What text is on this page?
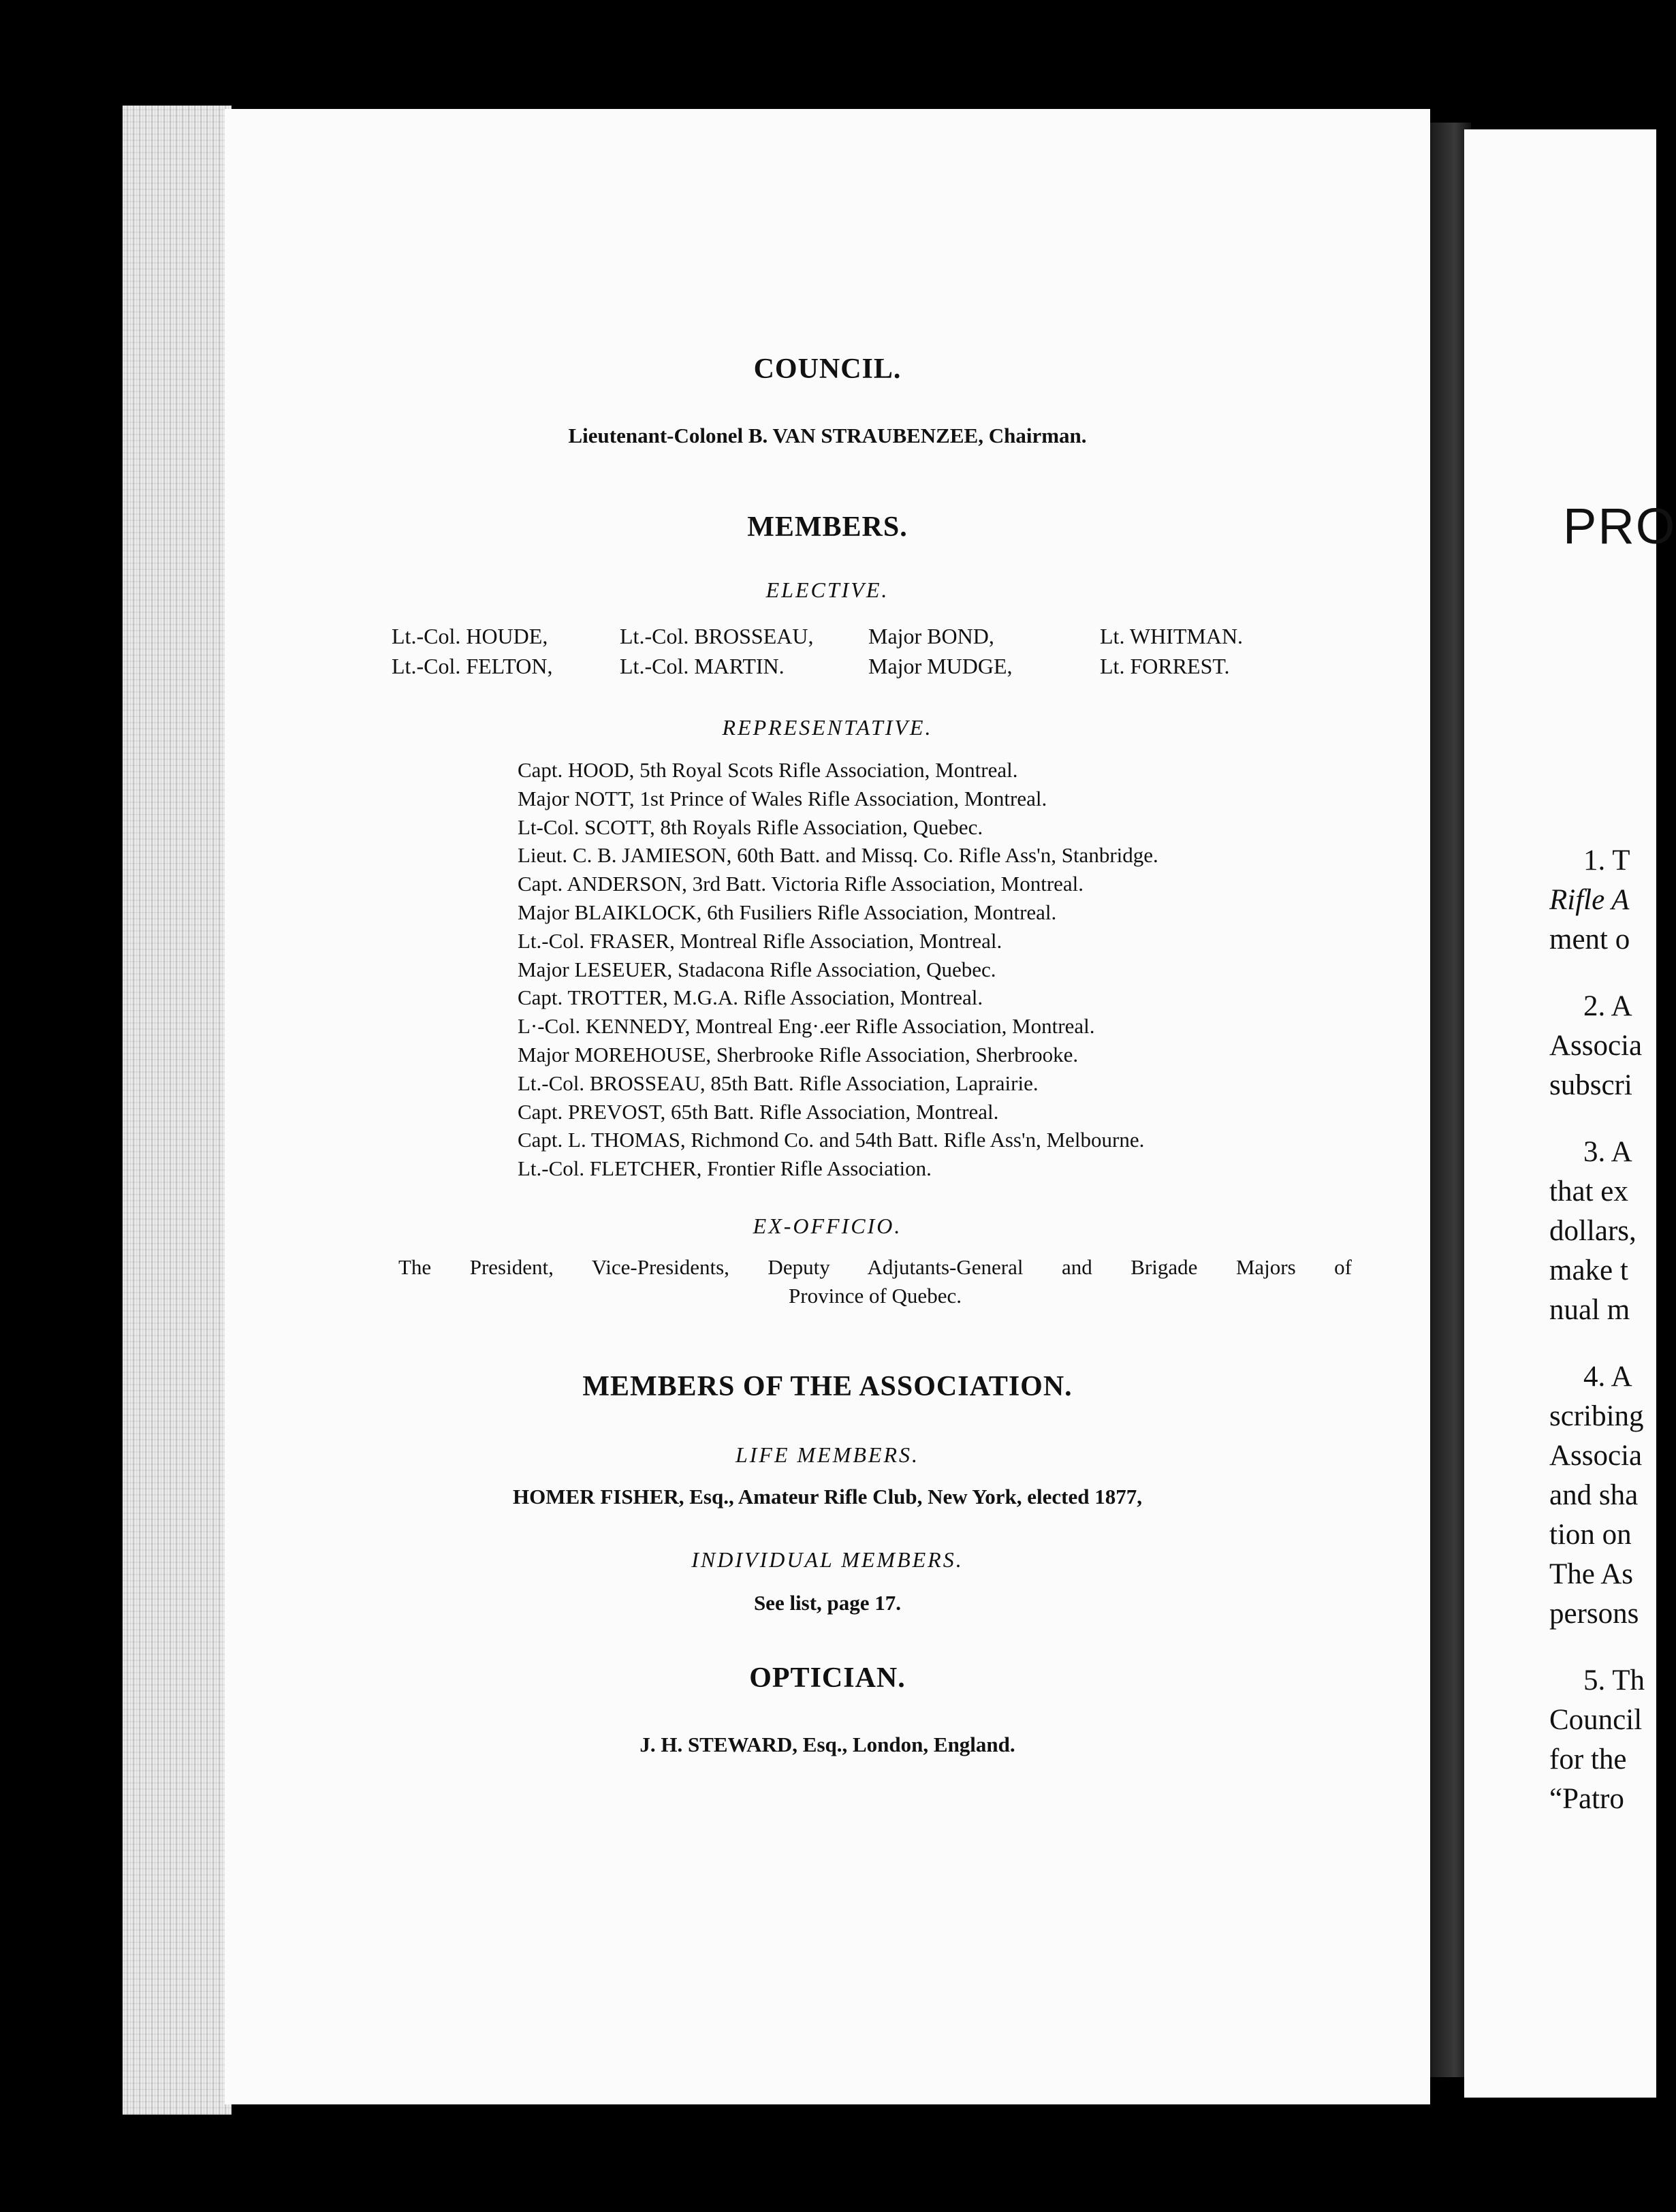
COUNCIL.
Lieutenant-Colonel B. VAN STRAUBENZEE, Chairman.
MEMBERS.
ELECTIVE.
Lt.-Col. HOUDE,	Lt.-Col. BROSSEAU,	Major BOND,	Lt. WHITMAN.
Lt.-Col. FELTON,	Lt.-Col. MARTIN.	Major MUDGE,	Lt. FORREST.
REPRESENTATIVE.
Capt. HOOD, 5th Royal Scots Rifle Association, Montreal.
Major NOTT, 1st Prince of Wales Rifle Association, Montreal.
Lt-Col. SCOTT, 8th Royals Rifle Association, Quebec.
Lieut. C. B. JAMIESON, 60th Batt. and Missq. Co. Rifle Ass'n, Stanbridge.
Capt. ANDERSON, 3rd Batt. Victoria Rifle Association, Montreal.
Major BLAIKLOCK, 6th Fusiliers Rifle Association, Montreal.
Lt.-Col. FRASER, Montreal Rifle Association, Montreal.
Major LESEUER, Stadacona Rifle Association, Quebec.
Capt. TROTTER, M.G.A. Rifle Association, Montreal.
L·-Col. KENNEDY, Montreal Eng·.eer Rifle Association, Montreal.
Major MOREHOUSE, Sherbrooke Rifle Association, Sherbrooke.
Lt.-Col. BROSSEAU, 85th Batt. Rifle Association, Laprairie.
Capt. PREVOST, 65th Batt. Rifle Association, Montreal.
Capt. L. THOMAS, Richmond Co. and 54th Batt. Rifle Ass'n, Melbourne.
Lt.-Col. FLETCHER, Frontier Rifle Association.
EX-OFFICIO.
The President, Vice-Presidents, Deputy Adjutants-General and Brigade Majors of
Province of Quebec.
MEMBERS OF THE ASSOCIATION.
LIFE MEMBERS.
HOMER FISHER, Esq., Amateur Rifle Club, New York, elected 1877,
INDIVIDUAL MEMBERS.
See list, page 17.
OPTICIAN.
J. H. STEWARD, Esq., London, England.
PRO
1. T
Rifle A
ment o
2. A
Associa
subscri
3. A
that ex
dollars,
make t
nual m
4. A
scribing
Associa
and sha
tion on
The As
persons
5. Th
Council
for the
“Patro
